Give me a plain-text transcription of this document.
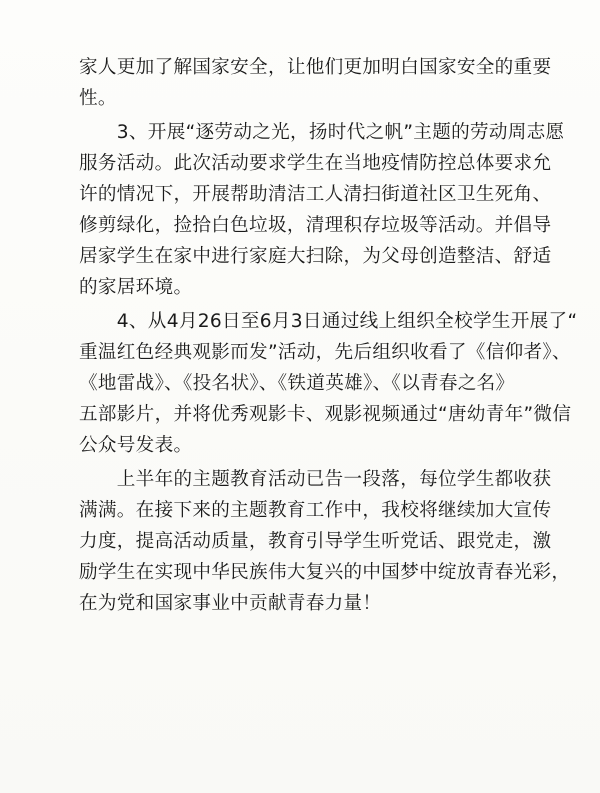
家人更加了解国家安全，让他们更加明白国家安全的重要
性。

　　3、开展“逐劳动之光，扬时代之帆”主题的劳动周志愿
服务活动。此次活动要求学生在当地疫情防控总体要求允
许的情况下，开展帮助清洁工人清扫街道社区卫生死角、
修剪绿化，捡拾白色垃圾，清理积存垃圾等活动。并倡导
居家学生在家中进行家庭大扫除，为父母创造整洁、舒适
的家居环境。

　　4、从4月26日至6月3日通过线上组织全校学生开展了“
重温红色经典观影而发”活动，先后组织收看了《信仰者》、
《地雷战》、《投名状》、《铁道英雄》、《以青春之名》
五部影片，并将优秀观影卡、观影视频通过“唐幼青年”微信
公众号发表。

　　上半年的主题教育活动已告一段落，每位学生都收获
满满。在接下来的主题教育工作中，我校将继续加大宣传
力度，提高活动质量，教育引导学生听党话、跟党走，激
励学生在实现中华民族伟大复兴的中国梦中绽放青春光彩，
在为党和国家事业中贡献青春力量！
